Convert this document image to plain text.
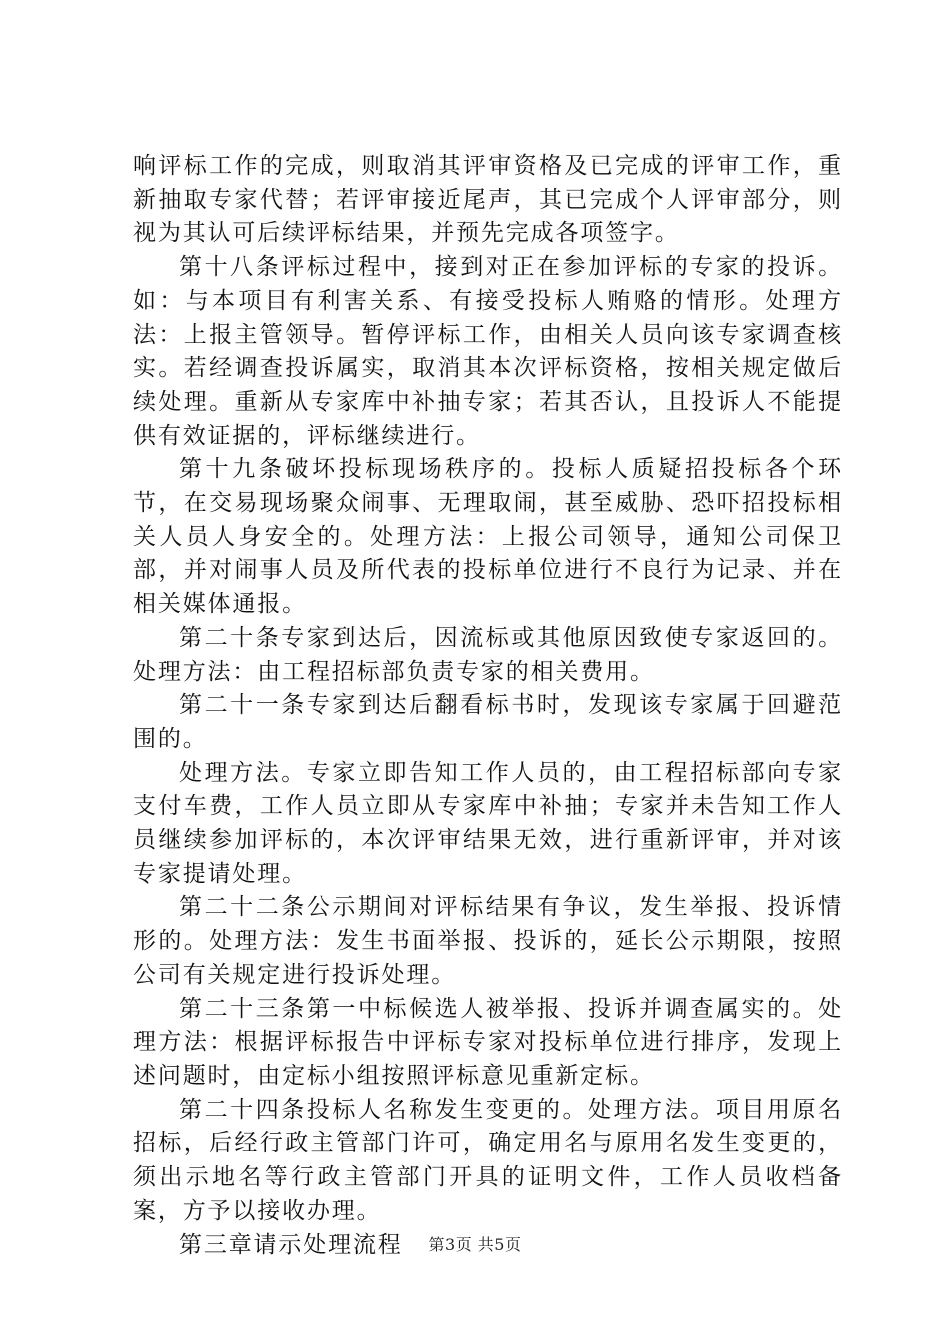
响评标工作的完成，则取消其评审资格及已完成的评审工作，重新抽取专家代替；若评审接近尾声，其已完成个人评审部分，则视为其认可后续评标结果，并预先完成各项签字。

第十八条评标过程中，接到对正在参加评标的专家的投诉。如：与本项目有利害关系、有接受投标人贿赂的情形。处理方法：上报主管领导。暂停评标工作，由相关人员向该专家调查核实。若经调查投诉属实，取消其本次评标资格，按相关规定做后续处理。重新从专家库中补抽专家；若其否认，且投诉人不能提供有效证据的，评标继续进行。

第十九条破坏投标现场秩序的。投标人质疑招投标各个环节，在交易现场聚众闹事、无理取闹，甚至威胁、恐吓招投标相关人员人身安全的。处理方法：上报公司领导，通知公司保卫部，并对闹事人员及所代表的投标单位进行不良行为记录、并在相关媒体通报。

第二十条专家到达后，因流标或其他原因致使专家返回的。处理方法：由工程招标部负责专家的相关费用。

第二十一条专家到达后翻看标书时，发现该专家属于回避范围的。

处理方法。专家立即告知工作人员的，由工程招标部向专家支付车费，工作人员立即从专家库中补抽；专家并未告知工作人员继续参加评标的，本次评审结果无效，进行重新评审，并对该专家提请处理。

第二十二条公示期间对评标结果有争议，发生举报、投诉情形的。处理方法：发生书面举报、投诉的，延长公示期限，按照公司有关规定进行投诉处理。

第二十三条第一中标候选人被举报、投诉并调查属实的。处理方法：根据评标报告中评标专家对投标单位进行排序，发现上述问题时，由定标小组按照评标意见重新定标。

第二十四条投标人名称发生变更的。处理方法。项目用原名招标，后经行政主管部门许可，确定用名与原用名发生变更的，须出示地名等行政主管部门开具的证明文件，工作人员收档备案，方予以接收办理。

第三章请示处理流程	第3页 共5页
